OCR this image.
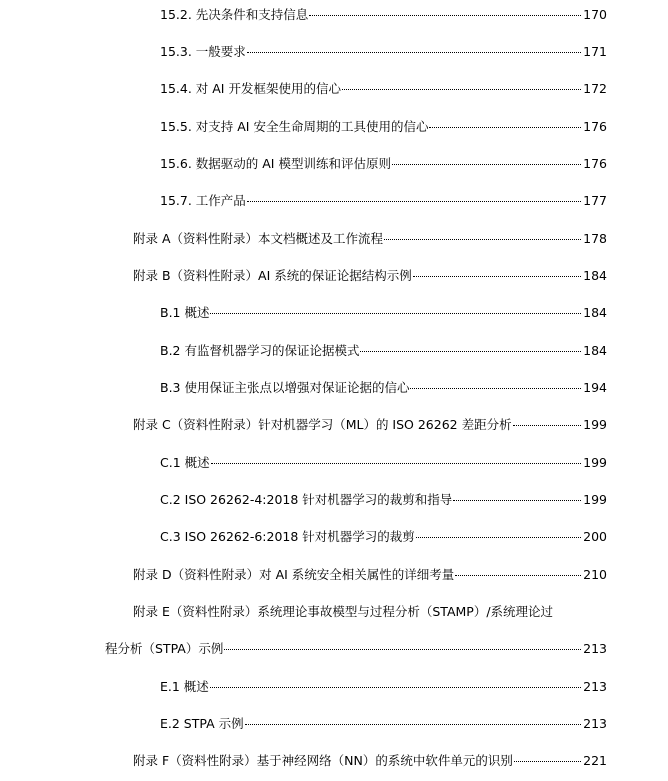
15.2. 先决条件和支持信息	170
15.3. 一般要求	171
15.4. 对 AI 开发框架使用的信心	172
15.5. 对支持 AI 安全生命周期的工具使用的信心	176
15.6. 数据驱动的 AI 模型训练和评估原则	176
15.7. 工作产品	177
附录 A（资料性附录）本文档概述及工作流程	178
附录 B（资料性附录）AI 系统的保证论据结构示例	184
B.1 概述	184
B.2 有监督机器学习的保证论据模式	184
B.3 使用保证主张点以增强对保证论据的信心	194
附录 C（资料性附录）针对机器学习（ML）的 ISO 26262 差距分析	199
C.1 概述	199
C.2 ISO 26262-4:2018 针对机器学习的裁剪和指导	199
C.3 ISO 26262-6:2018 针对机器学习的裁剪	200
附录 D（资料性附录）对 AI 系统安全相关属性的详细考量	210
附录 E（资料性附录）系统理论事故模型与过程分析（STAMP）/系统理论过
程分析（STPA）示例	213
E.1 概述	213
E.2 STPA 示例	213
附录 F（资料性附录）基于神经网络（NN）的系统中软件单元的识别	221
